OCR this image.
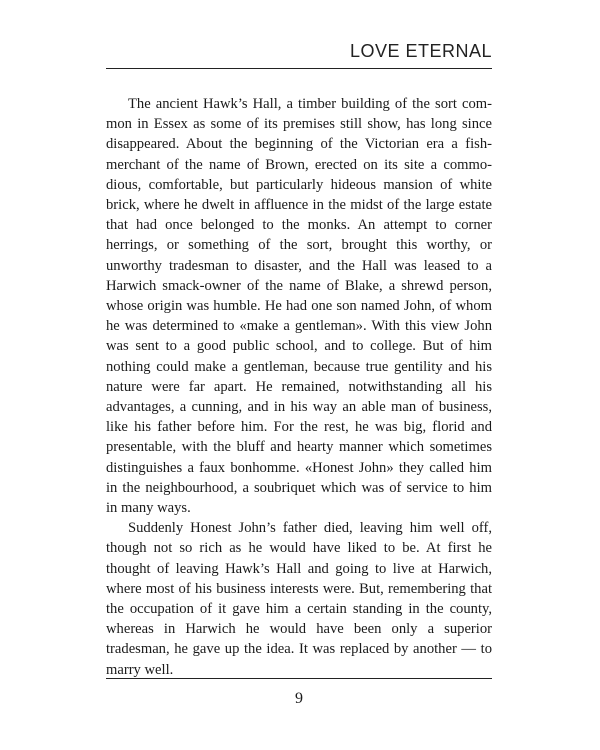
LOVE ETERNAL

The ancient Hawk’s Hall, a timber building of the sort common in Essex as some of its premises still show, has long since disappeared. About the beginning of the Victorian era a fishmerchant of the name of Brown, erected on its site a commodious, comfortable, but particularly hideous mansion of white brick, where he dwelt in affluence in the midst of the large estate that had once belonged to the monks. An attempt to corner herrings, or something of the sort, brought this worthy, or unworthy tradesman to disaster, and the Hall was leased to a Harwich smack-owner of the name of Blake, a shrewd person, whose origin was humble. He had one son named John, of whom he was determined to «make a gentleman». With this view John was sent to a good public school, and to college. But of him nothing could make a gentleman, because true gentility and his nature were far apart. He remained, notwithstanding all his advantages, a cunning, and in his way an able man of business, like his father before him. For the rest, he was big, florid and presentable, with the bluff and hearty manner which sometimes distinguishes a faux bonhomme. «Honest John» they called him in the neighbourhood, a soubriquet which was of service to him in many ways.

Suddenly Honest John’s father died, leaving him well off, though not so rich as he would have liked to be. At first he thought of leaving Hawk’s Hall and going to live at Harwich, where most of his business interests were. But, remembering that the occupation of it gave him a certain standing in the county, whereas in Harwich he would have been only a superior tradesman, he gave up the idea. It was replaced by another — to marry well.

9
